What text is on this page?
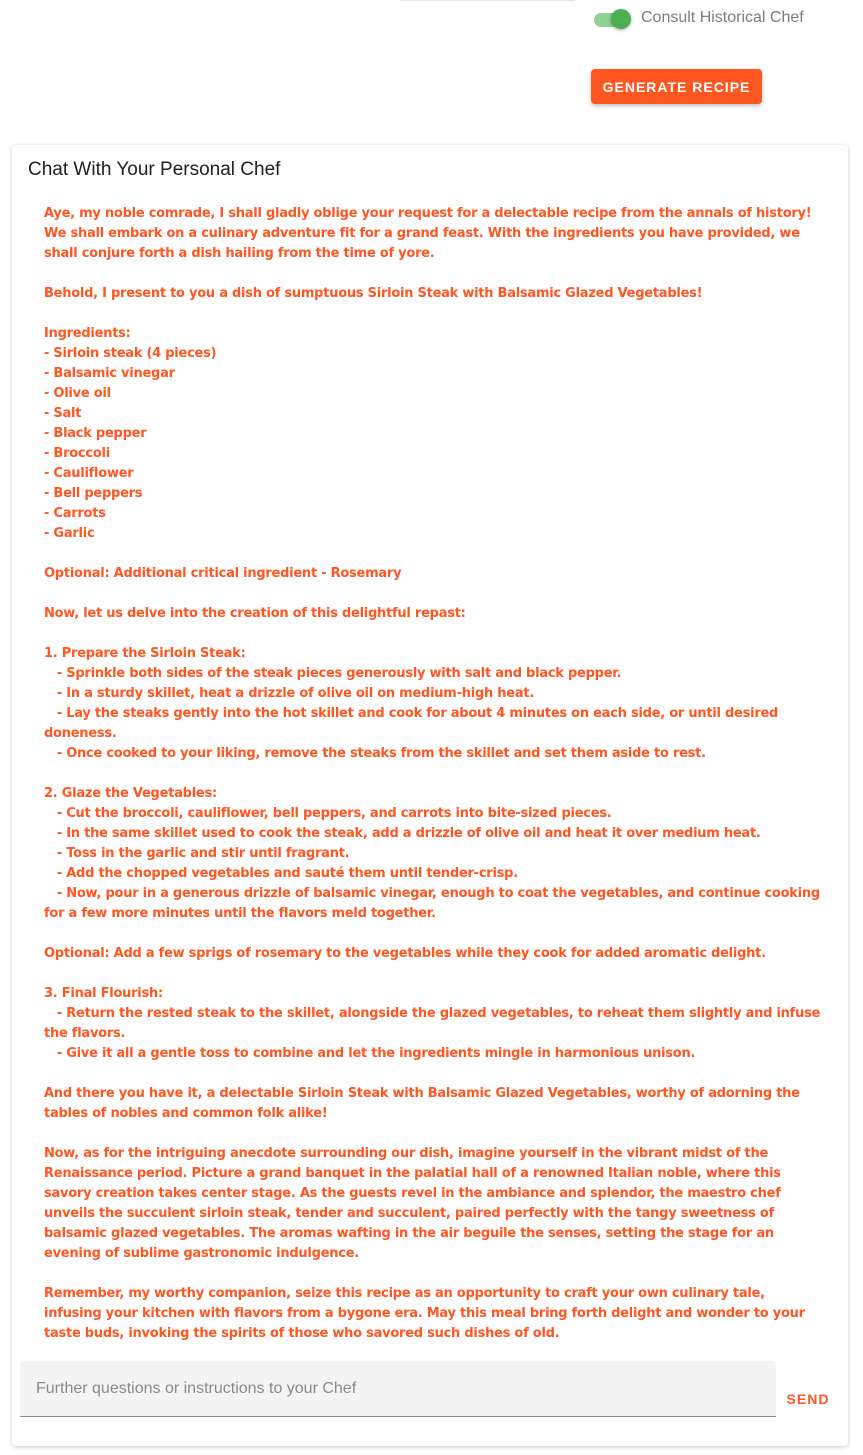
Consult Historical Chef
GENERATE RECIPE
Chat With Your Personal Chef
Aye, my noble comrade, I shall gladly oblige your request for a delectable recipe from the annals of history! We shall embark on a culinary adventure fit for a grand feast. With the ingredients you have provided, we shall conjure forth a dish hailing from the time of yore.

Behold, I present to you a dish of sumptuous Sirloin Steak with Balsamic Glazed Vegetables!

Ingredients:
- Sirloin steak (4 pieces)
- Balsamic vinegar
- Olive oil
- Salt
- Black pepper
- Broccoli
- Cauliflower
- Bell peppers
- Carrots
- Garlic

Optional: Additional critical ingredient - Rosemary

Now, let us delve into the creation of this delightful repast:

1. Prepare the Sirloin Steak:
- Sprinkle both sides of the steak pieces generously with salt and black pepper.
- In a sturdy skillet, heat a drizzle of olive oil on medium-high heat.
- Lay the steaks gently into the hot skillet and cook for about 4 minutes on each side, or until desired doneness.
- Once cooked to your liking, remove the steaks from the skillet and set them aside to rest.

2. Glaze the Vegetables:
- Cut the broccoli, cauliflower, bell peppers, and carrots into bite-sized pieces.
- In the same skillet used to cook the steak, add a drizzle of olive oil and heat it over medium heat.
- Toss in the garlic and stir until fragrant.
- Add the chopped vegetables and sauté them until tender-crisp.
- Now, pour in a generous drizzle of balsamic vinegar, enough to coat the vegetables, and continue cooking for a few more minutes until the flavors meld together.

Optional: Add a few sprigs of rosemary to the vegetables while they cook for added aromatic delight.

3. Final Flourish:
- Return the rested steak to the skillet, alongside the glazed vegetables, to reheat them slightly and infuse the flavors.
- Give it all a gentle toss to combine and let the ingredients mingle in harmonious unison.

And there you have it, a delectable Sirloin Steak with Balsamic Glazed Vegetables, worthy of adorning the tables of nobles and common folk alike!

Now, as for the intriguing anecdote surrounding our dish, imagine yourself in the vibrant midst of the Renaissance period. Picture a grand banquet in the palatial hall of a renowned Italian noble, where this savory creation takes center stage. As the guests revel in the ambiance and splendor, the maestro chef unveils the succulent sirloin steak, tender and succulent, paired perfectly with the tangy sweetness of balsamic glazed vegetables. The aromas wafting in the air beguile the senses, setting the stage for an evening of sublime gastronomic indulgence.

Remember, my worthy companion, seize this recipe as an opportunity to craft your own culinary tale, infusing your kitchen with flavors from a bygone era. May this meal bring forth delight and wonder to your taste buds, invoking the spirits of those who savored such dishes of old.

Further questions or instructions to your Chef
SEND
